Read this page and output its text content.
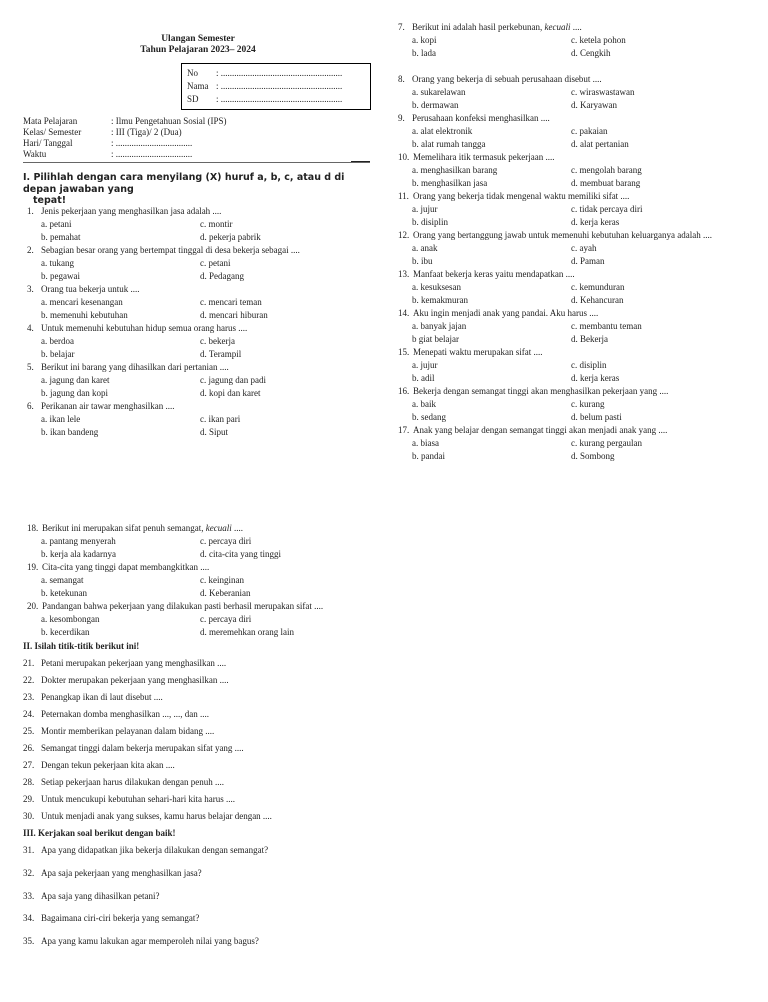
Ulangan Semester
Tahun Pelajaran 2023– 2024
No : ......................................................
Nama : ......................................................
SD : ......................................................
Mata Pelajaran	: Ilmu Pengetahuan Sosial (IPS)
Kelas/ Semester	: III (Tiga)/ 2 (Dua)
Hari/ Tanggal	: ..................................
Waktu	: ..................................
I. Pilihlah dengan cara menyilang (X) huruf a, b, c, atau d di
depan jawaban yang
tepat!
1. Jenis pekerjaan yang menghasilkan jasa adalah ....
a. petani
b. pemahat
c. montir
d. pekerja pabrik
2. Sebagian besar orang yang bertempat tinggal di desa bekerja sebagai ....
a. tukang
b. pegawai
c. petani
d. Pedagang
3. Orang tua bekerja untuk ....
a. mencari kesenangan
b. memenuhi kebutuhan
c. mencari teman
d. mencari hiburan
4. Untuk memenuhi kebutuhan hidup semua orang harus ....
a. berdoa
b. belajar
c. bekerja
d. Terampil
5. Berikut ini barang yang dihasilkan dari pertanian ....
a. jagung dan karet
b. jagung dan kopi
c. jagung dan padi
d. kopi dan karet
6. Perikanan air tawar menghasilkan ....
a. ikan lele
b. ikan bandeng
c. ikan pari
d. Siput
7. Berikut ini adalah hasil perkebunan, kecuali ....
a. kopi
b. lada
c. ketela pohon
d. Cengkih
8. Orang yang bekerja di sebuah perusahaan disebut ....
a. sukarelawan
b. dermawan
c. wiraswastawan
d. Karyawan
9. Perusahaan konfeksi menghasilkan ....
a. alat elektronik
b. alat rumah tangga
c. pakaian
d. alat pertanian
10. Memelihara itik termasuk pekerjaan ....
a. menghasilkan barang
b. menghasilkan jasa
c. mengolah barang
d. membuat barang
11. Orang yang bekerja tidak mengenal waktu memiliki sifat ....
a. jujur
b. disiplin
c. tidak percaya diri
d. kerja keras
12. Orang yang bertanggung jawab untuk memenuhi kebutuhan keluarganya adalah ....
a. anak
b. ibu
c. ayah
d. Paman
13. Manfaat bekerja keras yaitu mendapatkan ....
a. kesuksesan
b. kemakmuran
c. kemunduran
d. Kehancuran
14. Aku ingin menjadi anak yang pandai. Aku harus ....
a. banyak jajan
b giat belajar
c. membantu teman
d. Bekerja
15. Menepati waktu merupakan sifat ....
a. jujur
b. adil
c. disiplin
d. kerja keras
16. Bekerja dengan semangat tinggi akan menghasilkan pekerjaan yang ....
a. baik
b. sedang
c. kurang
d. belum pasti
17. Anak yang belajar dengan semangat tinggi akan menjadi anak yang ....
a. biasa
b. pandai
c. kurang pergaulan
d. Sombong
18. Berikut ini merupakan sifat penuh semangat, kecuali ....
a. pantang menyerah
b. kerja ala kadarnya
c. percaya diri
d. cita-cita yang tinggi
19. Cita-cita yang tinggi dapat membangkitkan ....
a. semangat
b. ketekunan
c. keinginan
d. Keberanian
20. Pandangan bahwa pekerjaan yang dilakukan pasti berhasil merupakan sifat ....
a. kesombongan
b. kecerdikan
c. percaya diri
d. meremehkan orang lain
II. Isilah titik-titik berikut ini!
21. Petani merupakan pekerjaan yang menghasilkan ....
22. Dokter merupakan pekerjaan yang menghasilkan ....
23. Penangkap ikan di laut disebut ....
24. Peternakan domba menghasilkan ..., ..., dan ....
25. Montir memberikan pelayanan dalam bidang ....
26. Semangat tinggi dalam bekerja merupakan sifat yang ....
27. Dengan tekun pekerjaan kita akan ....
28. Setiap pekerjaan harus dilakukan dengan penuh ....
29. Untuk mencukupi kebutuhan sehari-hari kita harus ....
30. Untuk menjadi anak yang sukses, kamu harus belajar dengan ....
III. Kerjakan soal berikut dengan baik!
31. Apa yang didapatkan jika bekerja dilakukan dengan semangat?
32. Apa saja pekerjaan yang menghasilkan jasa?
33. Apa saja yang dihasilkan petani?
34. Bagaimana ciri-ciri bekerja yang semangat?
35. Apa yang kamu lakukan agar memperoleh nilai yang bagus?
